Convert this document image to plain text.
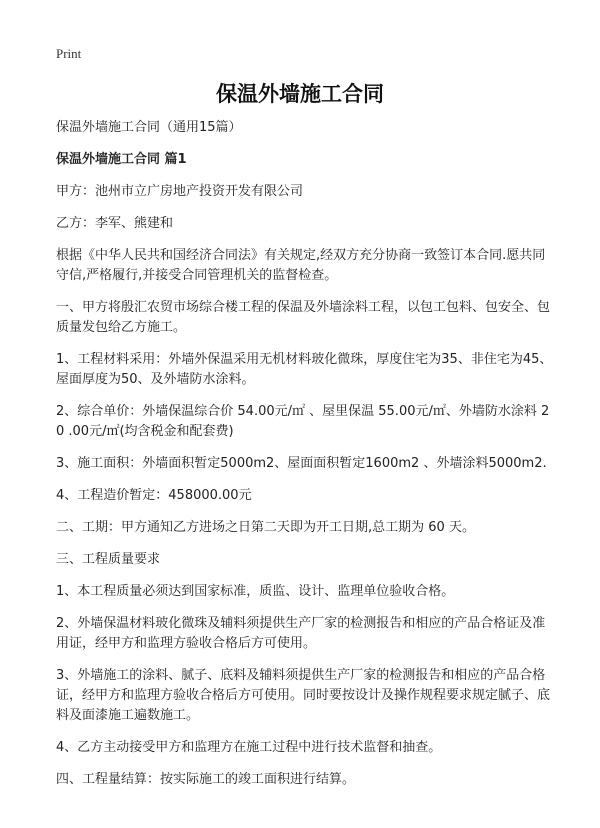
Print
保温外墙施工合同

保温外墙施工合同（通用15篇）

保温外墙施工合同 篇1

甲方：池州市立广房地产投资开发有限公司

乙方：李军、熊建和

根据《中华人民共和国经济合同法》有关规定,经双方充分协商一致签订本合同.愿共同守信,严格履行,并接受合同管理机关的监督检查。

一、甲方将殷汇农贸市场综合楼工程的保温及外墙涂料工程，以包工包料、包安全、包质量发包给乙方施工。

1、工程材料采用：外墙外保温采用无机材料玻化微珠，厚度住宅为35、非住宅为45、屋面厚度为50、及外墙防水涂料。

2、综合单价：外墙保温综合价 54.00元/㎡ 、屋里保温 55.00元/㎡、外墙防水涂料 20 .00元/㎡(均含税金和配套费)

3、施工面积：外墙面积暂定5000m2、屋面面积暂定1600m2 、外墙涂料5000m2.

4、工程造价暂定：458000.00元

二、工期：甲方通知乙方进场之日第二天即为开工日期,总工期为 60 天。

三、工程质量要求

1、本工程质量必须达到国家标准，质监、设计、监理单位验收合格。

2、外墙保温材料玻化微珠及辅料须提供生产厂家的检测报告和相应的产品合格证及准用证，经甲方和监理方验收合格后方可使用。

3、外墙施工的涂料、腻子、底料及辅料须提供生产厂家的检测报告和相应的产品合格证，经甲方和监理方验收合格后方可使用。同时要按设计及操作规程要求规定腻子、底料及面漆施工遍数施工。

4、乙方主动接受甲方和监理方在施工过程中进行技术监督和抽查。

四、工程量结算：按实际施工的竣工面积进行结算。
